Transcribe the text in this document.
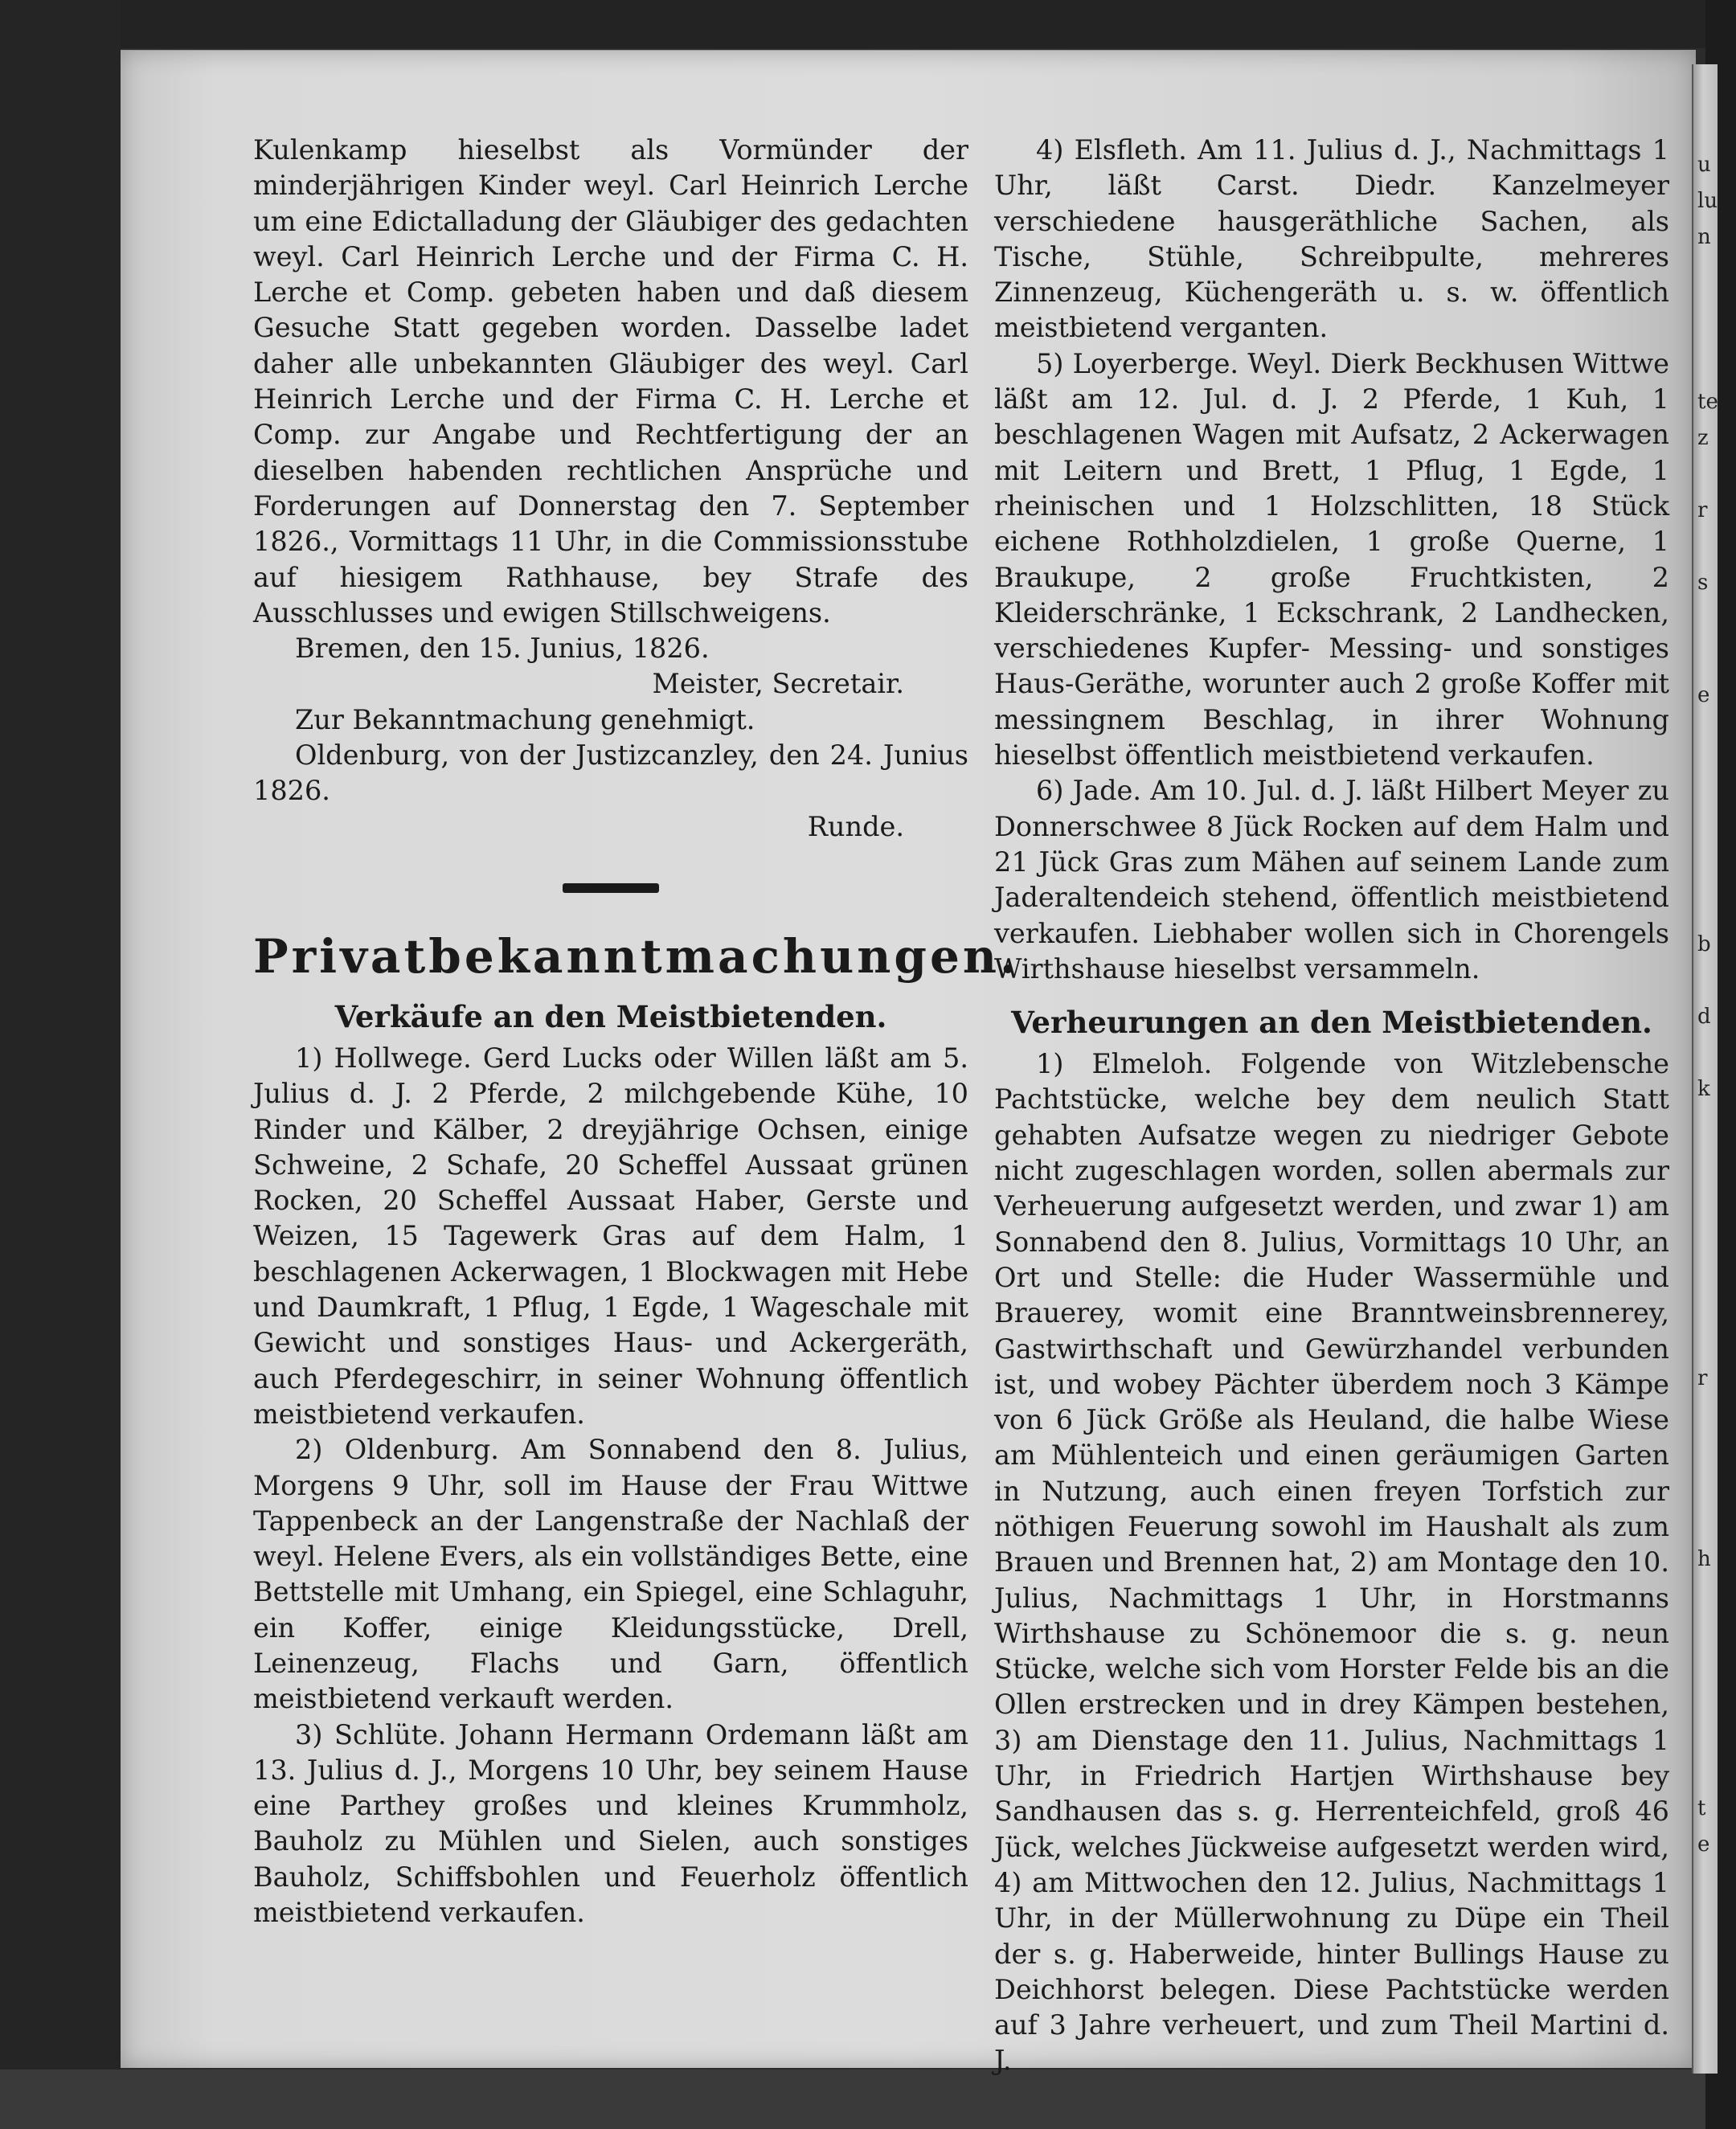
u
lu
n
te
z
r
s
e
b
d
k
r
h
t
e

Kulenkamp hieselbst als Vormünder der minderjährigen Kinder weyl. Carl Heinrich Lerche um eine Edictalladung der Gläubiger des gedachten weyl. Carl Heinrich Lerche und der Firma C. H. Lerche et Comp. gebeten haben und daß diesem Gesuche Statt gegeben worden. Dasselbe ladet daher alle unbekannten Gläubiger des weyl. Carl Heinrich Lerche und der Firma C. H. Lerche et Comp. zur Angabe und Rechtfertigung der an dieselben habenden rechtlichen Ansprüche und Forderungen auf Donnerstag den 7. September 1826., Vormittags 11 Uhr, in die Commissionsstube auf hiesigem Rathhause, bey Strafe des Ausschlusses und ewigen Stillschweigens.

Bremen, den 15. Junius, 1826.

Meister, Secretair.

Zur Bekanntmachung genehmigt.

Oldenburg, von der Justizcanzley, den 24. Junius 1826.

Runde.

Privatbekanntmachungen.
Verkäufe an den Meistbietenden.

1) Hollwege. Gerd Lucks oder Willen läßt am 5. Julius d. J. 2 Pferde, 2 milchgebende Kühe, 10 Rinder und Kälber, 2 dreyjährige Ochsen, einige Schweine, 2 Schafe, 20 Scheffel Aussaat grünen Rocken, 20 Scheffel Aussaat Haber, Gerste und Weizen, 15 Tagewerk Gras auf dem Halm, 1 beschlagenen Ackerwagen, 1 Blockwagen mit Hebe und Daumkraft, 1 Pflug, 1 Egde, 1 Wageschale mit Gewicht und sonstiges Haus- und Ackergeräth, auch Pferdegeschirr, in seiner Wohnung öffentlich meistbietend verkaufen.

2) Oldenburg. Am Sonnabend den 8. Julius, Morgens 9 Uhr, soll im Hause der Frau Wittwe Tappenbeck an der Langenstraße der Nachlaß der weyl. Helene Evers, als ein vollständiges Bette, eine Bettstelle mit Umhang, ein Spiegel, eine Schlaguhr, ein Koffer, einige Kleidungsstücke, Drell, Leinenzeug, Flachs und Garn, öffentlich meistbietend verkauft werden.

3) Schlüte. Johann Hermann Ordemann läßt am 13. Julius d. J., Morgens 10 Uhr, bey seinem Hause eine Parthey großes und kleines Krummholz, Bauholz zu Mühlen und Sielen, auch sonstiges Bauholz, Schiffsbohlen und Feuerholz öffentlich meistbietend verkaufen.

4) Elsfleth. Am 11. Julius d. J., Nachmittags 1 Uhr, läßt Carst. Diedr. Kanzelmeyer verschiedene hausgeräthliche Sachen, als Tische, Stühle, Schreibpulte, mehreres Zinnenzeug, Küchengeräth u. s. w. öffentlich meistbietend verganten.

5) Loyerberge. Weyl. Dierk Beckhusen Wittwe läßt am 12. Jul. d. J. 2 Pferde, 1 Kuh, 1 beschlagenen Wagen mit Aufsatz, 2 Ackerwagen mit Leitern und Brett, 1 Pflug, 1 Egde, 1 rheinischen und 1 Holzschlitten, 18 Stück eichene Rothholzdielen, 1 große Querne, 1 Braukupe, 2 große Fruchtkisten, 2 Kleiderschränke, 1 Eckschrank, 2 Landhecken, verschiedenes Kupfer- Messing- und sonstiges Haus-Geräthe, worunter auch 2 große Koffer mit messingnem Beschlag, in ihrer Wohnung hieselbst öffentlich meistbietend verkaufen.

6) Jade. Am 10. Jul. d. J. läßt Hilbert Meyer zu Donnerschwee 8 Jück Rocken auf dem Halm und 21 Jück Gras zum Mähen auf seinem Lande zum Jaderaltendeich stehend, öffentlich meistbietend verkaufen. Liebhaber wollen sich in Chorengels Wirthshause hieselbst versammeln.

Verheurungen an den Meistbietenden.

1) Elmeloh. Folgende von Witzlebensche Pachtstücke, welche bey dem neulich Statt gehabten Aufsatze wegen zu niedriger Gebote nicht zugeschlagen worden, sollen abermals zur Verheuerung aufgesetzt werden, und zwar 1) am Sonnabend den 8. Julius, Vormittags 10 Uhr, an Ort und Stelle: die Huder Wassermühle und Brauerey, womit eine Branntweinsbrennerey, Gastwirthschaft und Gewürzhandel verbunden ist, und wobey Pächter überdem noch 3 Kämpe von 6 Jück Größe als Heuland, die halbe Wiese am Mühlenteich und einen geräumigen Garten in Nutzung, auch einen freyen Torfstich zur nöthigen Feuerung sowohl im Haushalt als zum Brauen und Brennen hat, 2) am Montage den 10. Julius, Nachmittags 1 Uhr, in Horstmanns Wirthshause zu Schönemoor die s. g. neun Stücke, welche sich vom Horster Felde bis an die Ollen erstrecken und in drey Kämpen bestehen, 3) am Dienstage den 11. Julius, Nachmittags 1 Uhr, in Friedrich Hartjen Wirthshause bey Sandhausen das s. g. Herrenteichfeld, groß 46 Jück, welches Jückweise aufgesetzt werden wird, 4) am Mittwochen den 12. Julius, Nachmittags 1 Uhr, in der Müllerwohnung zu Düpe ein Theil der s. g. Haberweide, hinter Bullings Hause zu Deichhorst belegen. Diese Pachtstücke werden auf 3 Jahre verheuert, und zum Theil Martini d. J.
